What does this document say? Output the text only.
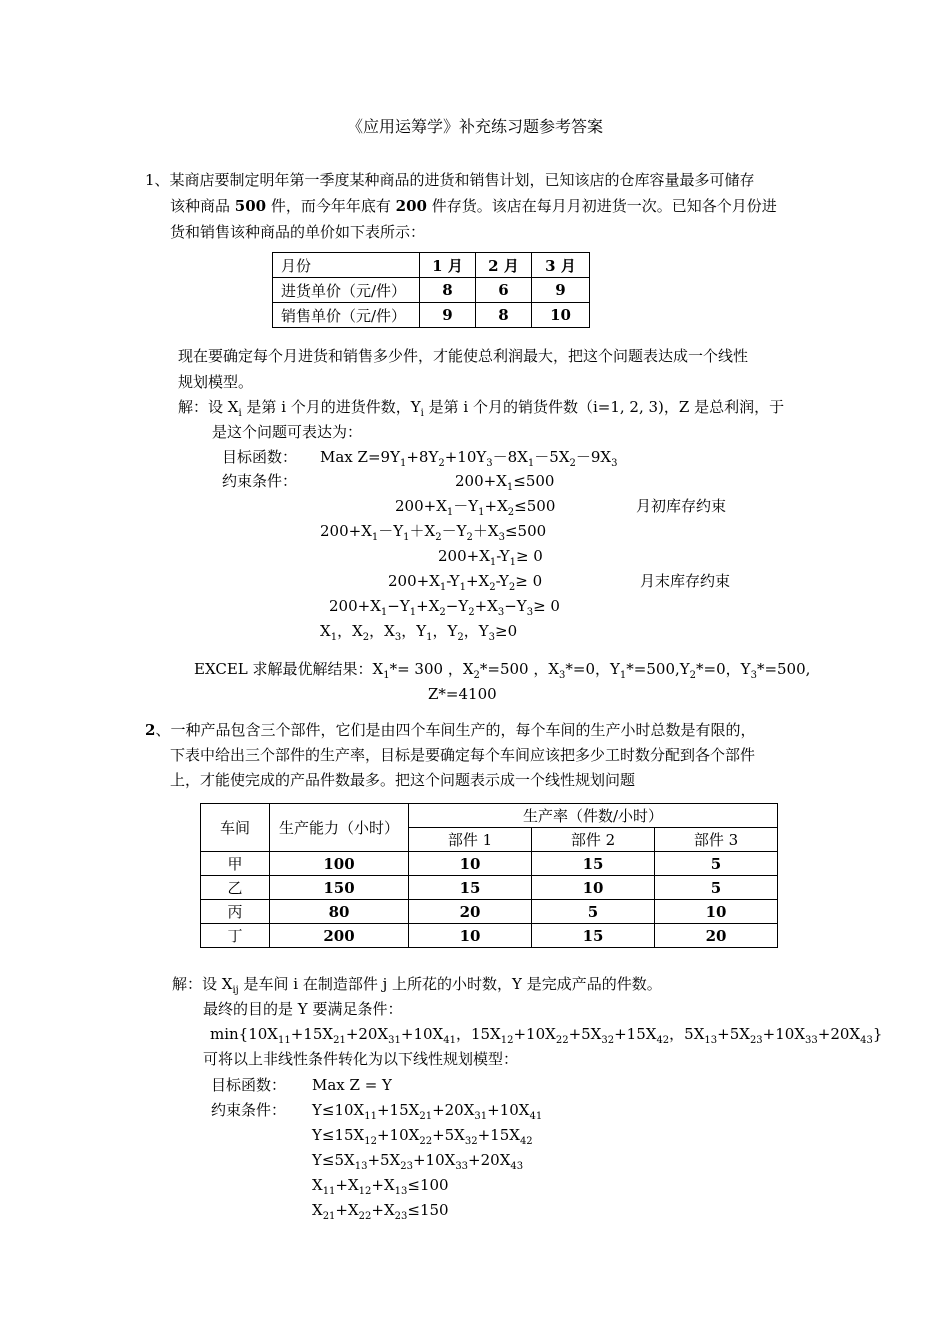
《应用运筹学》补充练习题参考答案
1、某商店要制定明年第一季度某种商品的进货和销售计划，已知该店的仓库容量最多可储存
该种商品 500 件，而今年年底有 200 件存货。该店在每月月初进货一次。已知各个月份进
货和销售该种商品的单价如下表所示：
月份	1 月	2 月	3 月
进货单价（元/件）	8	6	9
销售单价（元/件）	9	8	10
现在要确定每个月进货和销售多少件，才能使总利润最大，把这个问题表达成一个线性
规划模型。
解：设 $X_i$ 是第 i 个月的进货件数，$Y_i$ 是第 i 个月的销货件数（i=1, 2, 3)，Z 是总利润，于
是这个问题可表达为：
目标函数： Max $Z=9Y_1+8Y_2+10Y_3-8X_1-5X_2-9X_3$
约束条件：	$200+X_1\le 500$
$200+X_1-Y_1+X_2\le 500$	月初库存约束
$200+X_1-Y_1+X_2-Y_2+X_3\le 500$
$200+X_1-Y_1\ge 0$
$200+X_1-Y_1+X_2-Y_2\ge 0$	月末库存约束
$200+X_1-Y_1+X_2-Y_2+X_3-Y_3\ge 0$
$X_1$，$X_2$，$X_3$，$Y_1$，$Y_2$，$Y_3\ge 0$
EXCEL 求解最优解结果：$X_1*= 300$ ，$X_2*=500$ ，$X_3*=0$，$Y_1*=500,Y_2*=0$，$Y_3*=500$,
Z*=4100
2、一种产品包含三个部件，它们是由四个车间生产的，每个车间的生产小时总数是有限的，
下表中给出三个部件的生产率，目标是要确定每个车间应该把多少工时数分配到各个部件
上，才能使完成的产品件数最多。把这个问题表示成一个线性规划问题
车间	生产能力（小时）	生产率（件数/小时）		
		部件 1	部件 2	部件 3
甲	100	10	15	5
乙	150	15	10	5
丙	80	20	5	10
丁	200	10	15	20
解：设 $X_{ij}$ 是车间 i 在制造部件 j 上所花的小时数，Y 是完成产品的件数。
最终的目的是 Y 要满足条件：
$\min\{10X_{11}+15X_{21}+20X_{31}+10X_{41}$，$15X_{12}+10X_{22}+5X_{32}+15X_{42}$，$5X_{13}+5X_{23}+10X_{33}+20X_{43}$}
可将以上非线性条件转化为以下线性规划模型：
目标函数： Max Z = Y
约束条件： $Y\le 10X_{11}+15X_{21}+20X_{31}+10X_{41}$
$Y\le 15X_{12}+10X_{22}+5X_{32}+15X_{42}$
$Y\le 5X_{13}+5X_{23}+10X_{33}+20X_{43}$
$X_{11}+X_{12}+X_{13}\le 100$
$X_{21}+X_{22}+X_{23}\le 150$
